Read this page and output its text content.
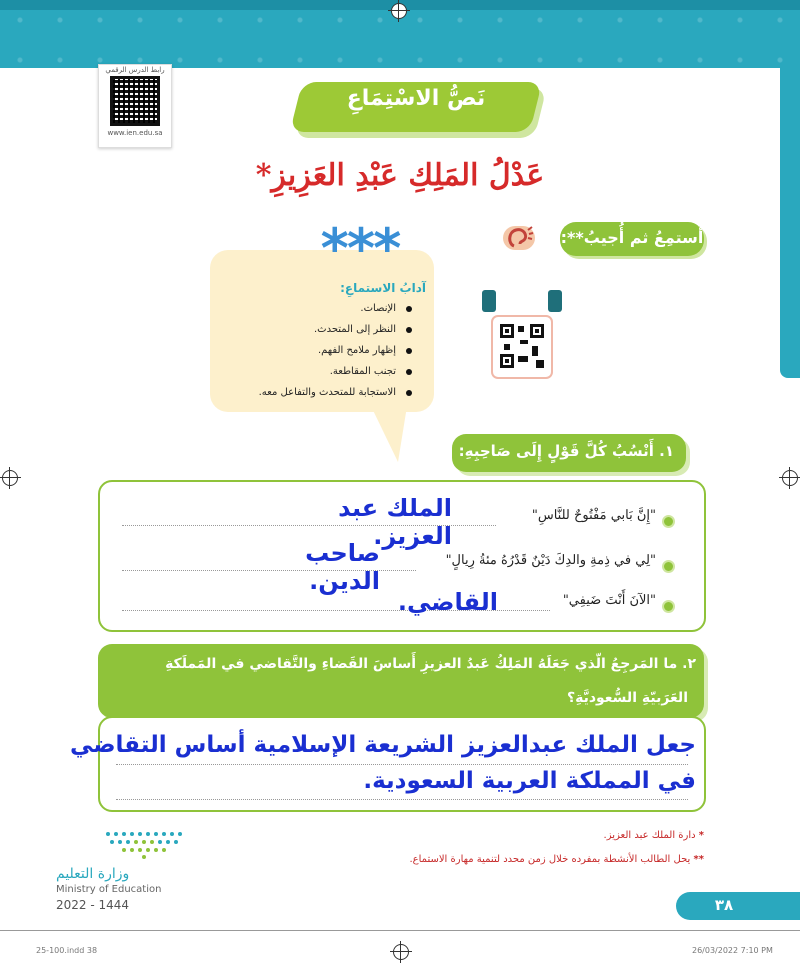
رابط الدرس الرقمي
www.ien.edu.sa
نَصُّ الاسْتِمَاعِ
عَدْلُ المَلِكِ عَبْدِ العَزِيزِ*
أَستمِعُ ثم أُجيبُ**:
***
آدابُ الاستماعِ:
الإنصات.
النظر إلى المتحدث.
إظهار ملامح الفهم.
تجنب المقاطعة.
الاستجابة للمتحدث والتفاعل معه.
١. أَنْسُبُ كُلَّ قَوْلٍ إِلَى صَاحِبِهِ:
"إِنَّ بَابي مَفْتُوحٌ للنَّاسِ"
الملك عبد العزيز.
"لِي في ذِمةِ والدِكَ دَيْنٌ قَدْرُهُ مئةُ رِيالٍ"
صاحب الدين.
"الآنَ أَنْتَ ضَيفِي"
القاضي.
٢. ما المَرجِعُ الّذي جَعَلَهُ المَلِكُ عَبدُ العزيزِ أَساسَ القَضاءِ والتَّقاضي في المَملَكةِ
العَرَبيّةِ السُّعوديَّةِ؟
جعل الملك عبدالعزيز الشريعة الإسلامية أساس التقاضي
في المملكة العربية السعودية.
* دارة الملك عبد العزيز.
** يحل الطالب الأنشطة بمفرده خلال زمن محدد لتنمية مهارة الاستماع.
وزارة التعليم
Ministry of Education
2022 - 1444	٣٨
25-100.indd 38	26/03/2022 7:10 PM
